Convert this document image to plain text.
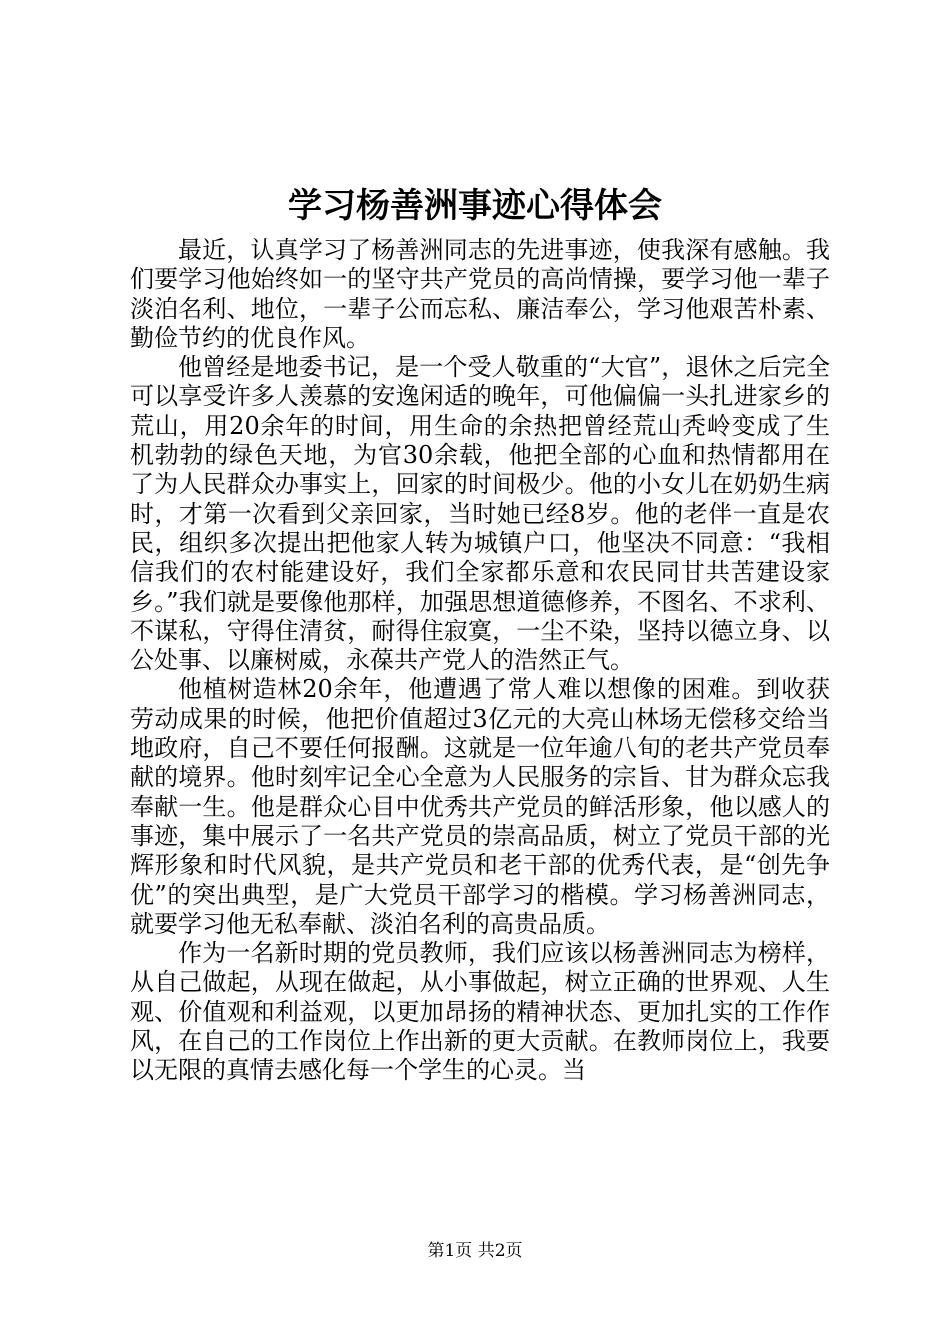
学习杨善洲事迹心得体会

最近，认真学习了杨善洲同志的先进事迹，使我深有感触。我们要学习他始终如一的坚守共产党员的高尚情操，要学习他一辈子淡泊名利、地位，一辈子公而忘私、廉洁奉公，学习他艰苦朴素、勤俭节约的优良作风。

他曾经是地委书记，是一个受人敬重的“大官”，退休之后完全可以享受许多人羡慕的安逸闲适的晚年，可他偏偏一头扎进家乡的荒山，用20余年的时间，用生命的余热把曾经荒山秃岭变成了生机勃勃的绿色天地，为官30余载，他把全部的心血和热情都用在了为人民群众办事实上，回家的时间极少。他的小女儿在奶奶生病时，才第一次看到父亲回家，当时她已经8岁。他的老伴一直是农民，组织多次提出把他家人转为城镇户口，他坚决不同意：“我相信我们的农村能建设好，我们全家都乐意和农民同甘共苦建设家乡。”我们就是要像他那样，加强思想道德修养，不图名、不求利、不谋私，守得住清贫，耐得住寂寞，一尘不染，坚持以德立身、以公处事、以廉树威，永葆共产党人的浩然正气。

他植树造林20余年，他遭遇了常人难以想像的困难。到收获劳动成果的时候，他把价值超过3亿元的大亮山林场无偿移交给当地政府，自己不要任何报酬。这就是一位年逾八旬的老共产党员奉献的境界。他时刻牢记全心全意为人民服务的宗旨、甘为群众忘我奉献一生。他是群众心目中优秀共产党员的鲜活形象，他以感人的事迹，集中展示了一名共产党员的崇高品质，树立了党员干部的光辉形象和时代风貌，是共产党员和老干部的优秀代表，是“创先争优”的突出典型，是广大党员干部学习的楷模。学习杨善洲同志，就要学习他无私奉献、淡泊名利的高贵品质。

作为一名新时期的党员教师，我们应该以杨善洲同志为榜样，从自己做起，从现在做起，从小事做起，树立正确的世界观、人生观、价值观和利益观，以更加昂扬的精神状态、更加扎实的工作作风，在自己的工作岗位上作出新的更大贡献。在教师岗位上，我要以无限的真情去感化每一个学生的心灵。当

第1页 共2页
